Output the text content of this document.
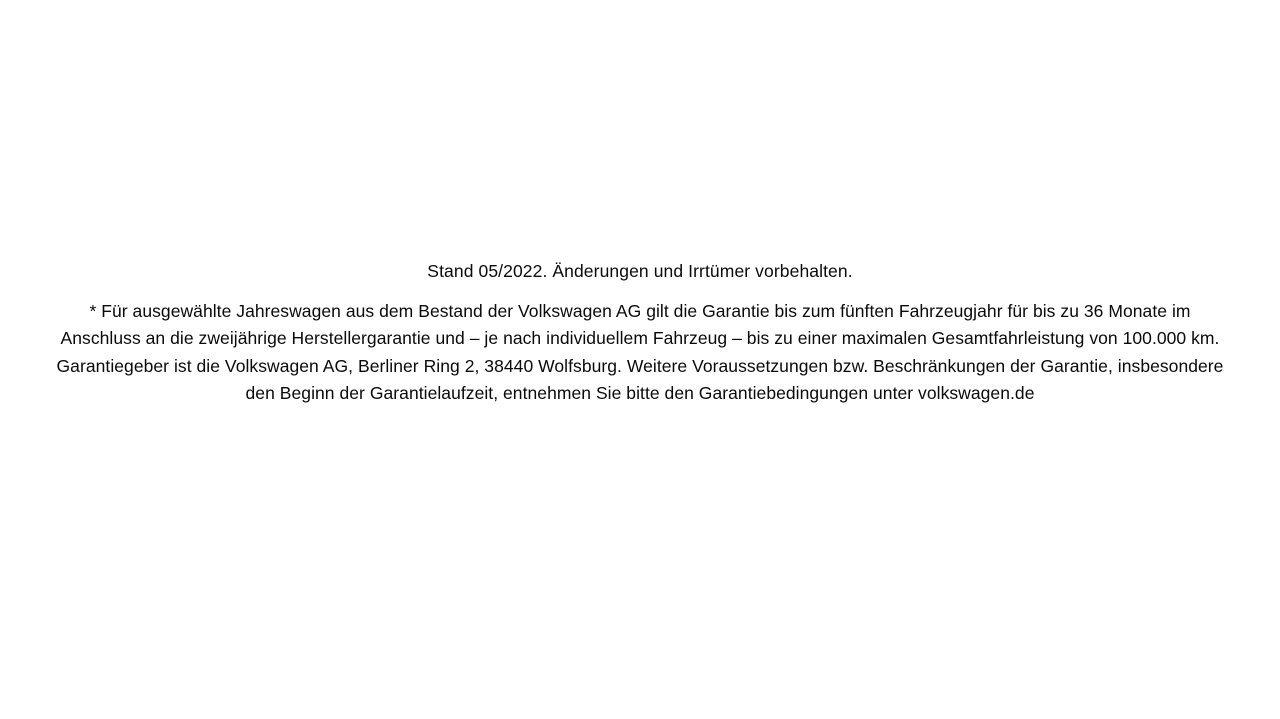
Stand 05/2022. Änderungen und Irrtümer vorbehalten.

* Für ausgewählte Jahreswagen aus dem Bestand der Volkswagen AG gilt die Garantie bis zum fünften Fahrzeugjahr für bis zu 36 Monate im Anschluss an die zweijährige Herstellergarantie und – je nach individuellem Fahrzeug – bis zu einer maximalen Gesamtfahrleistung von 100.000 km. Garantiegeber ist die Volkswagen AG, Berliner Ring 2, 38440 Wolfsburg. Weitere Voraussetzungen bzw. Beschränkungen der Garantie, insbesondere den Beginn der Garantielaufzeit, entnehmen Sie bitte den Garantiebedingungen unter volkswagen.de
